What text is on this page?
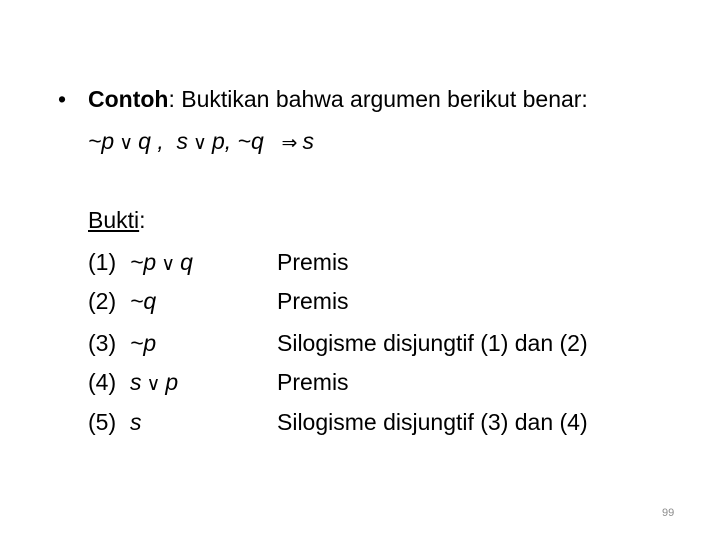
• Contoh: Buktikan bahwa argumen berikut benar:
~p ∨ q , s ∨ p, ~q ⇒ s
Bukti:
(1) ~p ∨ q	Premis
(2) ~q	Premis
(3) ~p	Silogisme disjungtif (1) dan (2)
(4) s ∨ p	Premis
(5) s	Silogisme disjungtif (3) dan (4)
99
